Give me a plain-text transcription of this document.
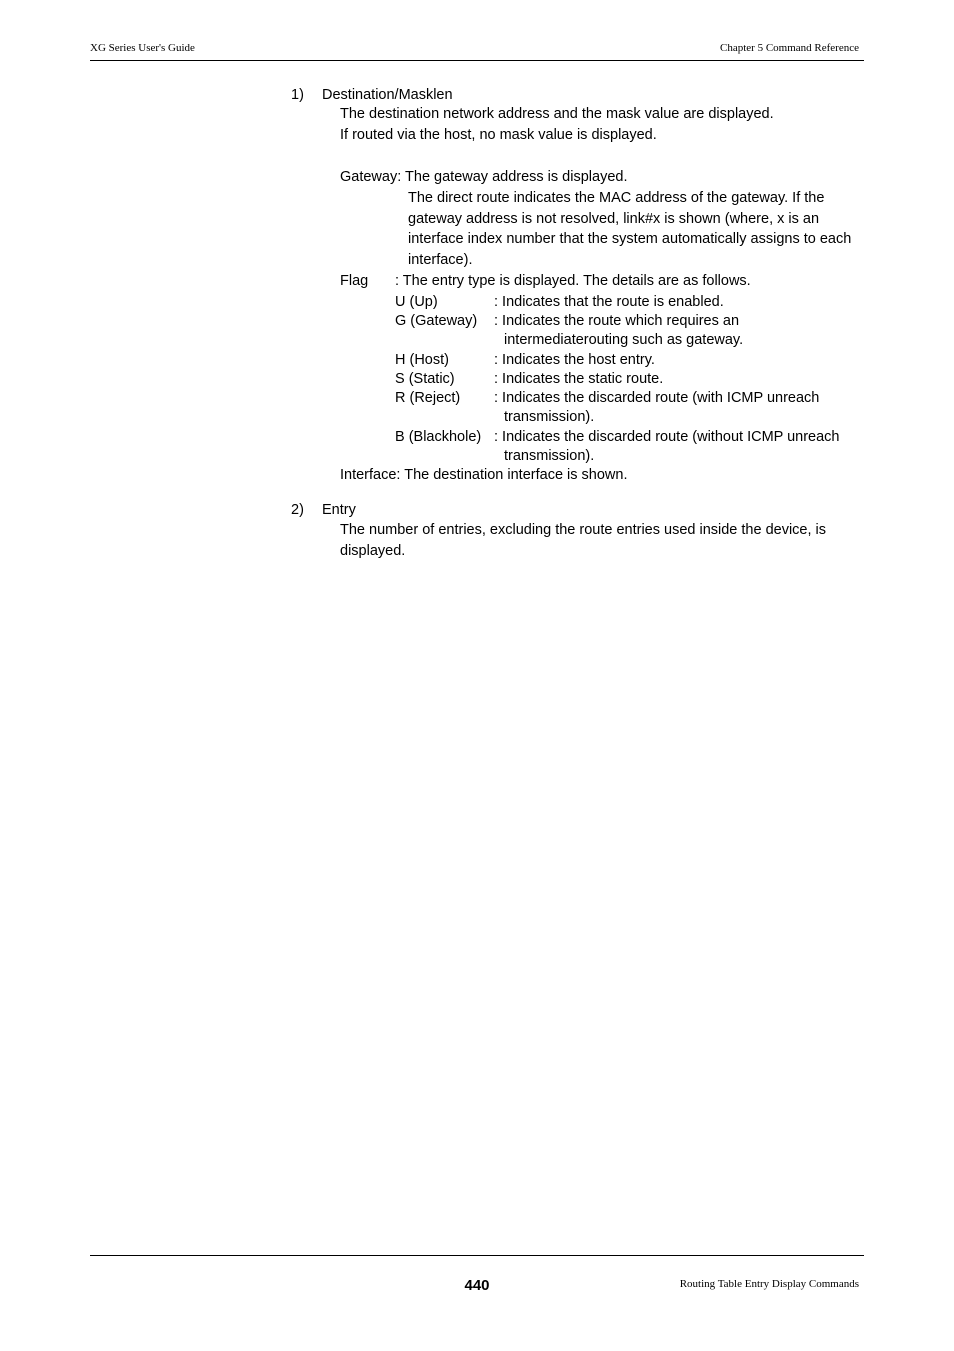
XG Series User's Guide	Chapter 5 Command Reference
1) Destination/Masklen
The destination network address and the mask value are displayed.
If routed via the host, no mask value is displayed.
Gateway: The gateway address is displayed.
The direct route indicates the MAC address of the gateway. If the gateway address is not resolved, link#x is shown (where, x is an interface index number that the system automatically assigns to each interface).
Flag : The entry type is displayed. The details are as follows.
U (Up)	: Indicates that the route is enabled.
G (Gateway) : Indicates the route which requires an
intermediaterouting such as gateway.
H (Host)	: Indicates the host entry.
S (Static)	: Indicates the static route.
R (Reject) : Indicates the discarded route (with ICMP unreach
transmission).
B (Blackhole) : Indicates the discarded route (without ICMP unreach
transmission).
Interface: The destination interface is shown.
2) Entry
The number of entries, excluding the route entries used inside the device, is displayed.
440	Routing Table Entry Display Commands
